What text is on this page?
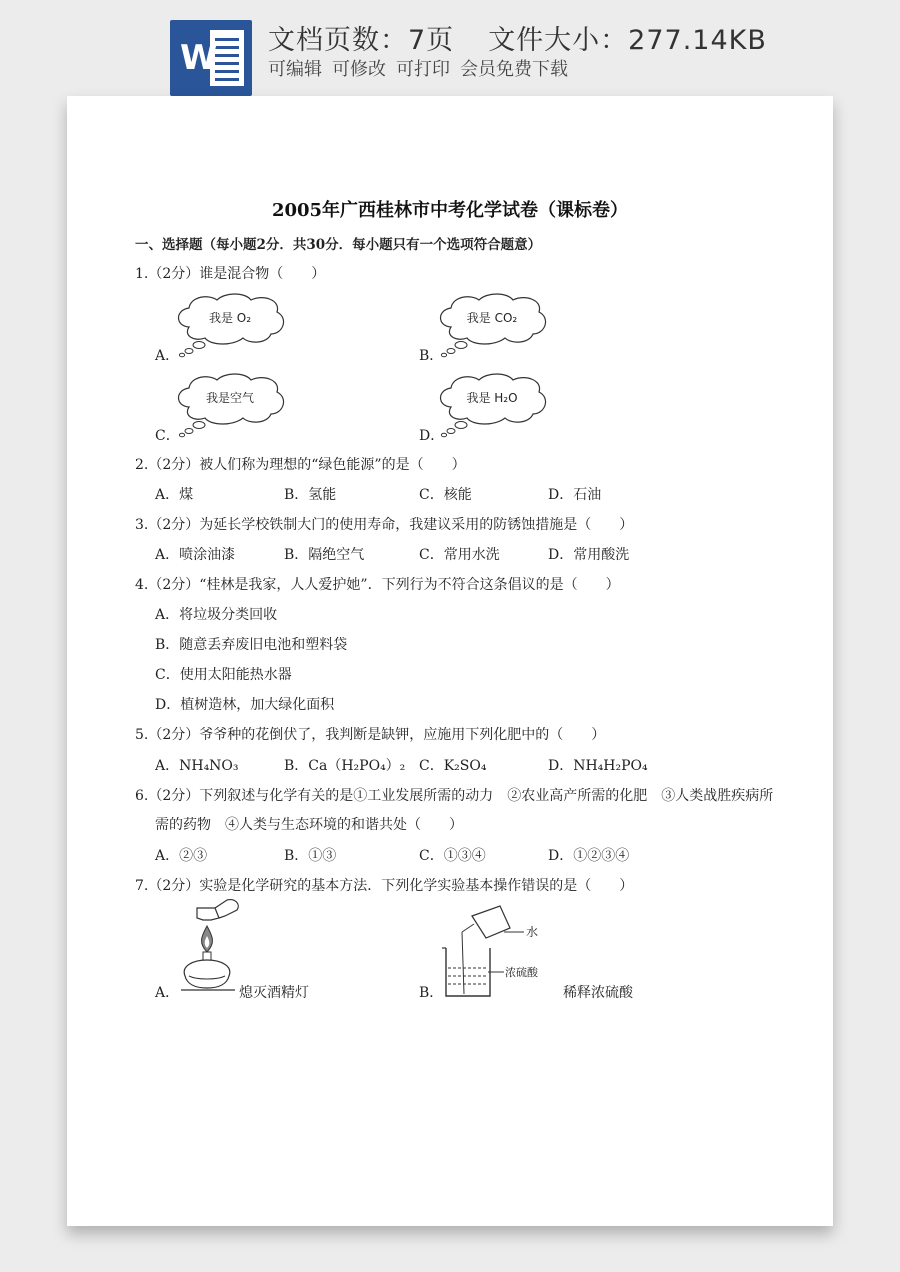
W 文档页数：7页 文件大小：277.14KB
可编辑 可修改 可打印 会员免费下载
2005年广西桂林市中考化学试卷（课标卷）
一、选择题（每小题2分．共30分．每小题只有一个选项符合题意）
1.（2分）谁是混合物（　　）
我是 O₂
A．
我是 CO₂
B．
我是空气
C．
我是 H₂O
D．
2.（2分）被人们称为理想的“绿色能源”的是（　　）
A．煤	B．氢能	C．核能	D．石油
3.（2分）为延长学校铁制大门的使用寿命，我建议采用的防锈蚀措施是（　　）
A．喷涂油漆	B．隔绝空气	C．常用水洗	D．常用酸洗
4.（2分）“桂林是我家，人人爱护她”．下列行为不符合这条倡议的是（　　）
A．将垃圾分类回收
B．随意丢弃废旧电池和塑料袋
C．使用太阳能热水器
D．植树造林，加大绿化面积
5.（2分）爷爷种的花倒伏了，我判断是缺钾，应施用下列化肥中的（　　）
A．NH₄NO₃	B．Ca（H₂PO₄）₂ C．K₂SO₄	D．NH₄H₂PO₄
6.（2分）下列叙述与化学有关的是①工业发展所需的动力　②农业高产所需的化肥　③人类战胜疾病所
需的药物　④人类与生态环境的和谐共处（　　）
A．②③	B．①③	C．①③④	D．①②③④
7.（2分）实验是化学研究的基本方法．下列化学实验基本操作错误的是（　　）
A．	熄灭酒精灯
水
浓硫酸
B．	稀释浓硫酸
